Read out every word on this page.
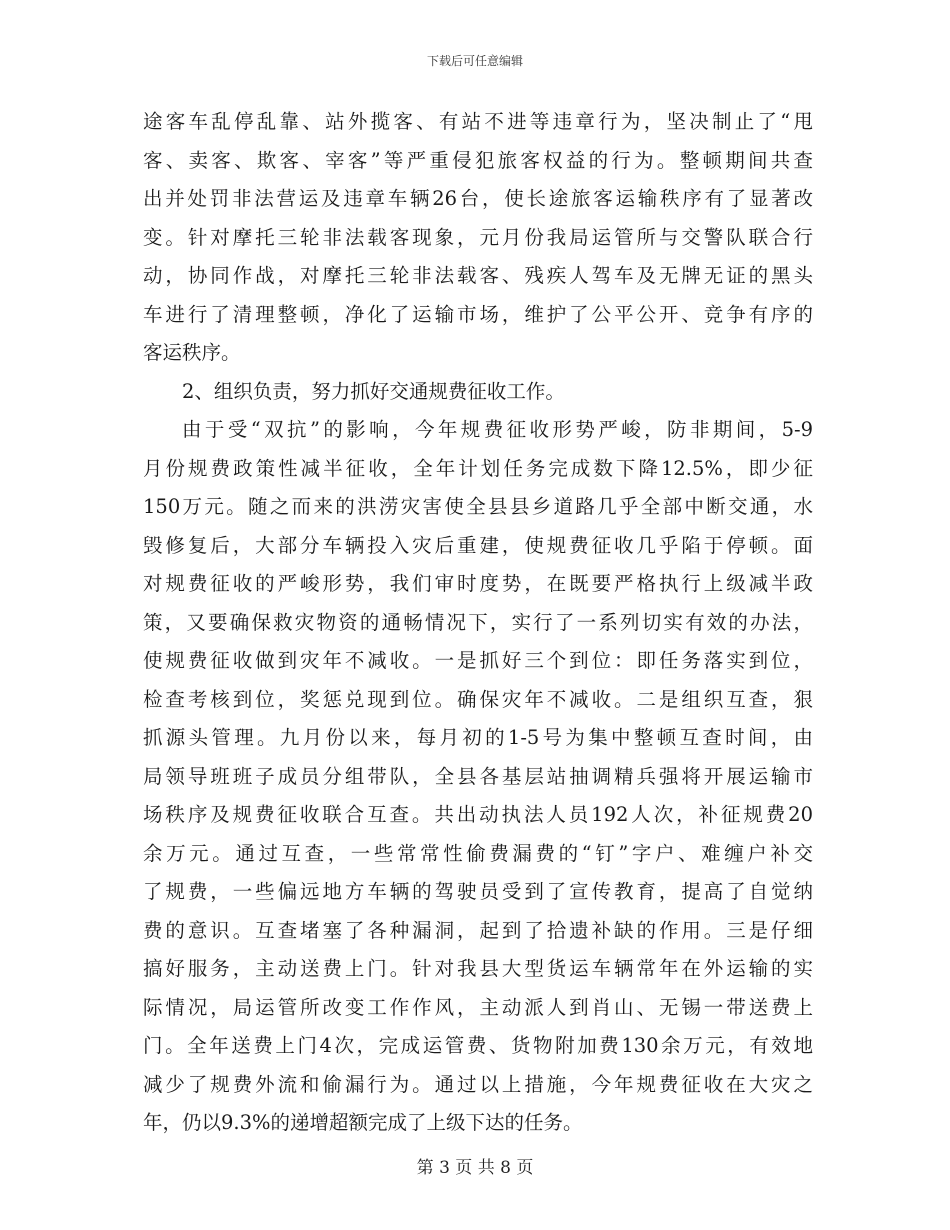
下载后可任意编辑
途客车乱停乱靠、站外揽客、有站不进等违章行为，坚决制止了“甩
客、卖客、欺客、宰客”等严重侵犯旅客权益的行为。整顿期间共查
出并处罚非法营运及违章车辆26台，使长途旅客运输秩序有了显著改
变。针对摩托三轮非法载客现象，元月份我局运管所与交警队联合行
动，协同作战，对摩托三轮非法载客、残疾人驾车及无牌无证的黑头
车进行了清理整顿，净化了运输市场，维护了公平公开、竞争有序的
客运秩序。
2、组织负责，努力抓好交通规费征收工作。
由于受“双抗”的影响，今年规费征收形势严峻，防非期间，5-9
月份规费政策性减半征收，全年计划任务完成数下降12.5%，即少征
150万元。随之而来的洪涝灾害使全县县乡道路几乎全部中断交通，水
毁修复后，大部分车辆投入灾后重建，使规费征收几乎陷于停顿。面
对规费征收的严峻形势，我们审时度势，在既要严格执行上级减半政
策，又要确保救灾物资的通畅情况下，实行了一系列切实有效的办法，
使规费征收做到灾年不减收。一是抓好三个到位：即任务落实到位，
检查考核到位，奖惩兑现到位。确保灾年不减收。二是组织互查，狠
抓源头管理。九月份以来，每月初的1-5号为集中整顿互查时间，由
局领导班班子成员分组带队，全县各基层站抽调精兵强将开展运输市
场秩序及规费征收联合互查。共出动执法人员192人次，补征规费20
余万元。通过互查，一些常常性偷费漏费的“钉”字户、难缠户补交
了规费，一些偏远地方车辆的驾驶员受到了宣传教育，提高了自觉纳
费的意识。互查堵塞了各种漏洞，起到了拾遗补缺的作用。三是仔细
搞好服务，主动送费上门。针对我县大型货运车辆常年在外运输的实
际情况，局运管所改变工作作风，主动派人到肖山、无锡一带送费上
门。全年送费上门4次，完成运管费、货物附加费130余万元，有效地
减少了规费外流和偷漏行为。通过以上措施，今年规费征收在大灾之
年，仍以9.3%的递增超额完成了上级下达的任务。
第 3 页 共 8 页
